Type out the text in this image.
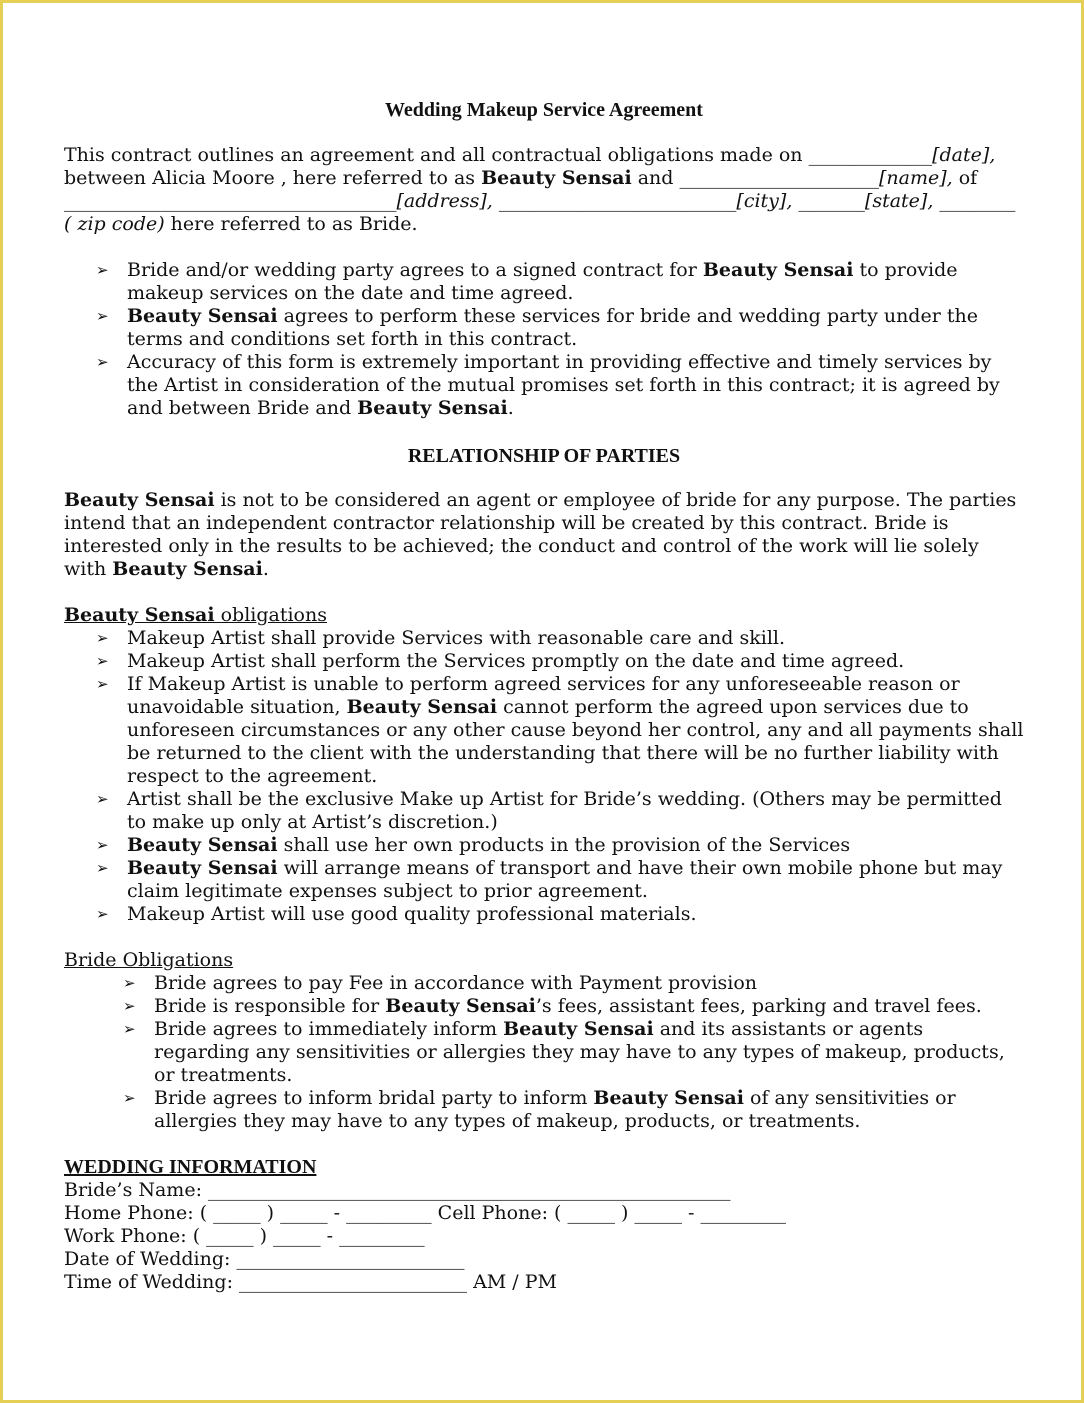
Wedding Makeup Service Agreement

This contract outlines an agreement and all contractual obligations made on _____________[date], between Alicia Moore , here referred to as Beauty Sensai and _____________________[name], of ___________________________________[address], _________________________[city], _______[state], ________ ( zip code) here referred to as Bride.

➢ Bride and/or wedding party agrees to a signed contract for Beauty Sensai to provide makeup services on the date and time agreed.
➢ Beauty Sensai agrees to perform these services for bride and wedding party under the terms and conditions set forth in this contract.
➢ Accuracy of this form is extremely important in providing effective and timely services by the Artist in consideration of the mutual promises set forth in this contract; it is agreed by and between Bride and Beauty Sensai.
RELATIONSHIP OF PARTIES

Beauty Sensai is not to be considered an agent or employee of bride for any purpose. The parties intend that an independent contractor relationship will be created by this contract. Bride is interested only in the results to be achieved; the conduct and control of the work will lie solely with Beauty Sensai.

Beauty Sensai obligations

➢ Makeup Artist shall provide Services with reasonable care and skill.
➢ Makeup Artist shall perform the Services promptly on the date and time agreed.
➢ If Makeup Artist is unable to perform agreed services for any unforeseeable reason or unavoidable situation, Beauty Sensai cannot perform the agreed upon services due to unforeseen circumstances or any other cause beyond her control, any and all payments shall be returned to the client with the understanding that there will be no further liability with respect to the agreement.
➢ Artist shall be the exclusive Make up Artist for Bride’s wedding. (Others may be permitted to make up only at Artist’s discretion.)
➢ Beauty Sensai shall use her own products in the provision of the Services
➢ Beauty Sensai will arrange means of transport and have their own mobile phone but may claim legitimate expenses subject to prior agreement.
➢ Makeup Artist will use good quality professional materials.

Bride Obligations

➢ Bride agrees to pay Fee in accordance with Payment provision
➢ Bride is responsible for Beauty Sensai’s fees, assistant fees, parking and travel fees.
➢ Bride agrees to immediately inform Beauty Sensai and its assistants or agents regarding any sensitivities or allergies they may have to any types of makeup, products, or treatments.
➢ Bride agrees to inform bridal party to inform Beauty Sensai of any sensitivities or allergies they may have to any types of makeup, products, or treatments.

WEDDING INFORMATION

Bride’s Name: _______________________________________________________

Home Phone: ( _____ ) _____ - _________ Cell Phone: ( _____ ) _____ - _________

Work Phone: ( _____ ) _____ - _________

Date of Wedding: ________________________

Time of Wedding: ________________________ AM / PM
